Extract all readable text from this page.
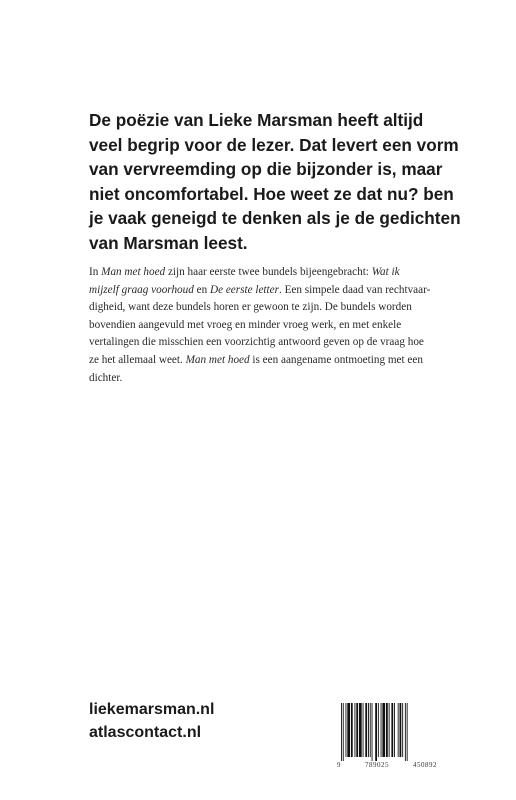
De poëzie van Lieke Marsman heeft altijd
veel begrip voor de lezer. Dat levert een vorm
van vervreemding op die bijzonder is, maar
niet oncomfortabel. Hoe weet ze dat nu? ben
je vaak geneigd te denken als je de gedichten
van Marsman leest.
In Man met hoed zijn haar eerste twee bundels bijeengebracht: Wat ik
mijzelf graag voorhoud en De eerste letter. Een simpele daad van rechtvaar-
digheid, want deze bundels horen er gewoon te zijn. De bundels worden
bovendien aangevuld met vroeg en minder vroeg werk, en met enkele
vertalingen die misschien een voorzichtig antwoord geven op de vraag hoe
ze het allemaal weet. Man met hoed is een aangename ontmoeting met een
dichter.
liekemarsman.nl
atlascontact.nl
9	789025	450892
